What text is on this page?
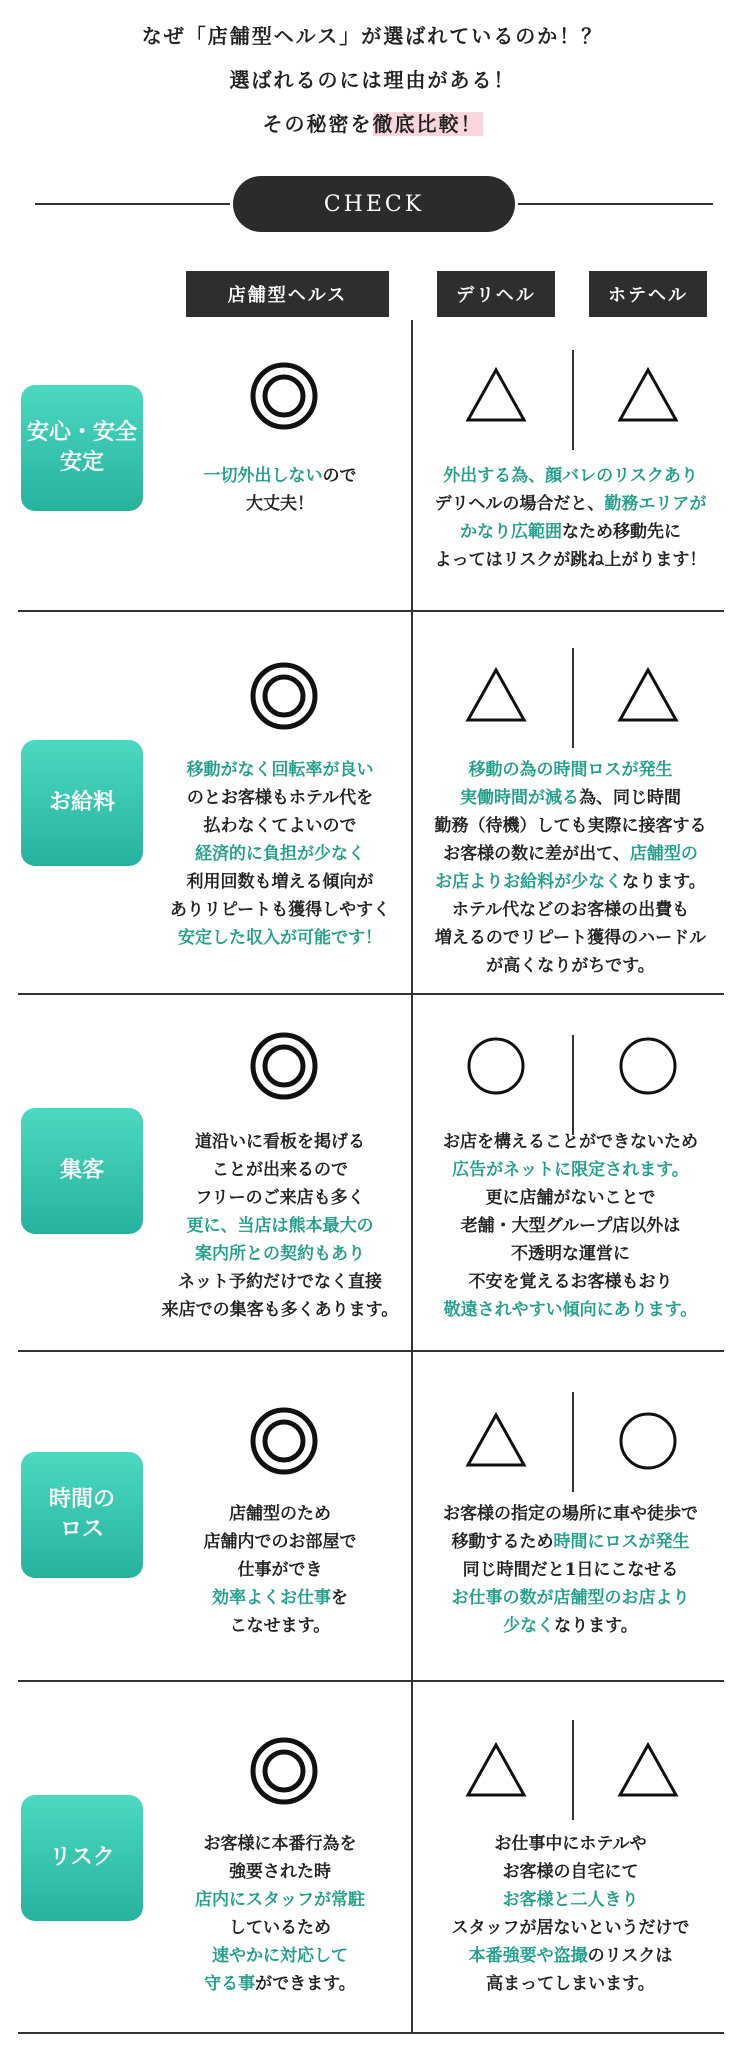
なぜ「店舗型ヘルス」が選ばれているのか！？
選ばれるのには理由がある！
その秘密を徹底比較！
CHECK
店舗型ヘルス	デリヘル	ホテヘル
安心・安全
安定
一切外出しないので
大丈夫！
外出する為、顔バレのリスクあり
デリヘルの場合だと、勤務エリアが
かなり広範囲なため移動先に
よってはリスクが跳ね上がります！
お給料
移動がなく回転率が良い
のとお客様もホテル代を
払わなくてよいので
経済的に負担が少なく
利用回数も増える傾向が
ありリピートも獲得しやすく
安定した収入が可能です！
移動の為の時間ロスが発生
実働時間が減る為、同じ時間
勤務（待機）しても実際に接客する
お客様の数に差が出て、店舗型の
お店よりお給料が少なくなります。
ホテル代などのお客様の出費も
増えるのでリピート獲得のハードル
が高くなりがちです。
集客
道沿いに看板を掲げる
ことが出来るので
フリーのご来店も多く
更に、当店は熊本最大の
案内所との契約もあり
ネット予約だけでなく直接
来店での集客も多くあります。
お店を構えることができないため
広告がネットに限定されます。
更に店舗がないことで
老舗・大型グループ店以外は
不透明な運営に
不安を覚えるお客様もおり
敬遠されやすい傾向にあります。
時間の
ロス
店舗型のため
店舗内でのお部屋で
仕事ができ
効率よくお仕事を
こなせます。
お客様の指定の場所に車や徒歩で
移動するため時間にロスが発生
同じ時間だと1日にこなせる
お仕事の数が店舗型のお店より
少なくなります。
リスク
お客様に本番行為を
強要された時
店内にスタッフが常駐
しているため
速やかに対応して
守る事ができます。
お仕事中にホテルや
お客様の自宅にて
お客様と二人きり
スタッフが居ないというだけで
本番強要や盗撮のリスクは
高まってしまいます。
